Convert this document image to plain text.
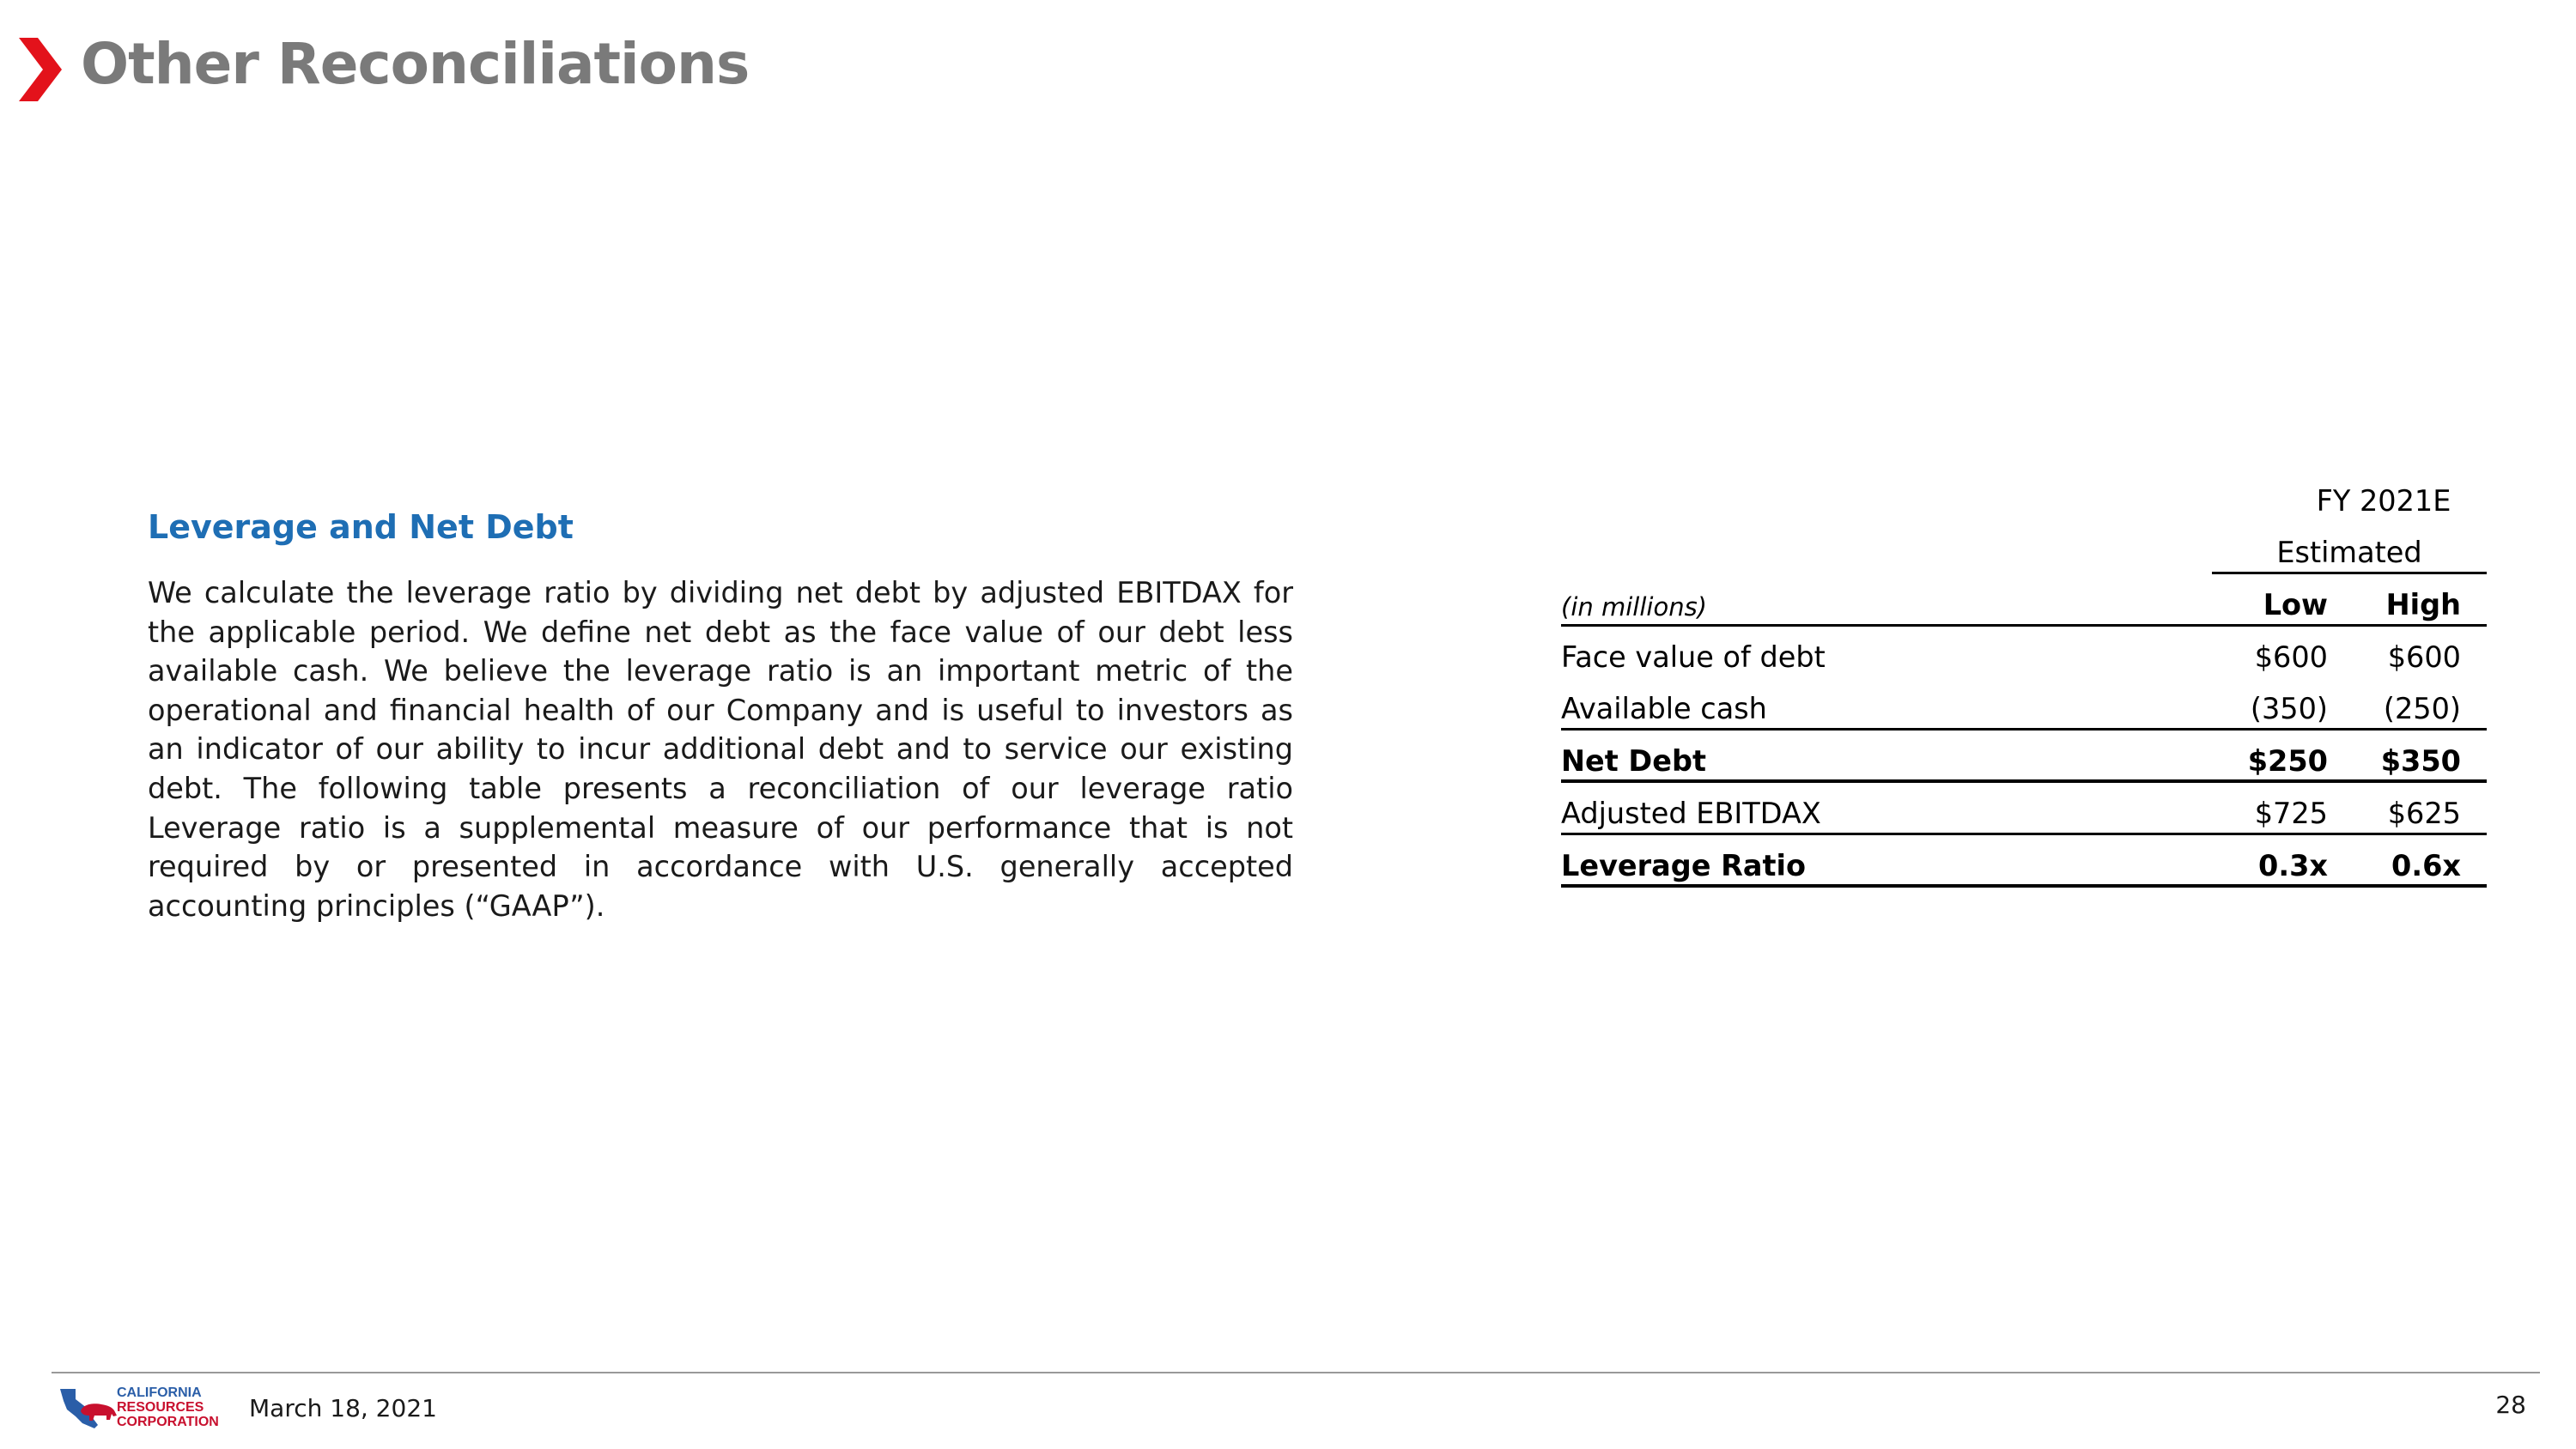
Other Reconciliations
Leverage and Net Debt

We calculate the leverage ratio by dividing net debt by adjusted EBITDAX for the applicable period. We define net debt as the face value of our debt less available cash. We believe the leverage ratio is an important metric of the operational and financial health of our Company and is useful to investors as an indicator of our ability to incur additional debt and to service our existing debt. The following table presents a reconciliation of our leverage ratio Leverage ratio is a supplemental measure of our performance that is not required by or presented in accordance with U.S. generally accepted accounting principles (“GAAP”).

FY 2021E
Estimated
(in millions)	Low High
Face value of debt	$600 $600
Available cash	(350) (250)
Net Debt	$250 $350
Adjusted EBITDAX	$725 $625
Leverage Ratio	0.3x 0.6x
CALIFORNIA
RESOURCES
CORPORATION March 18, 2021	28
